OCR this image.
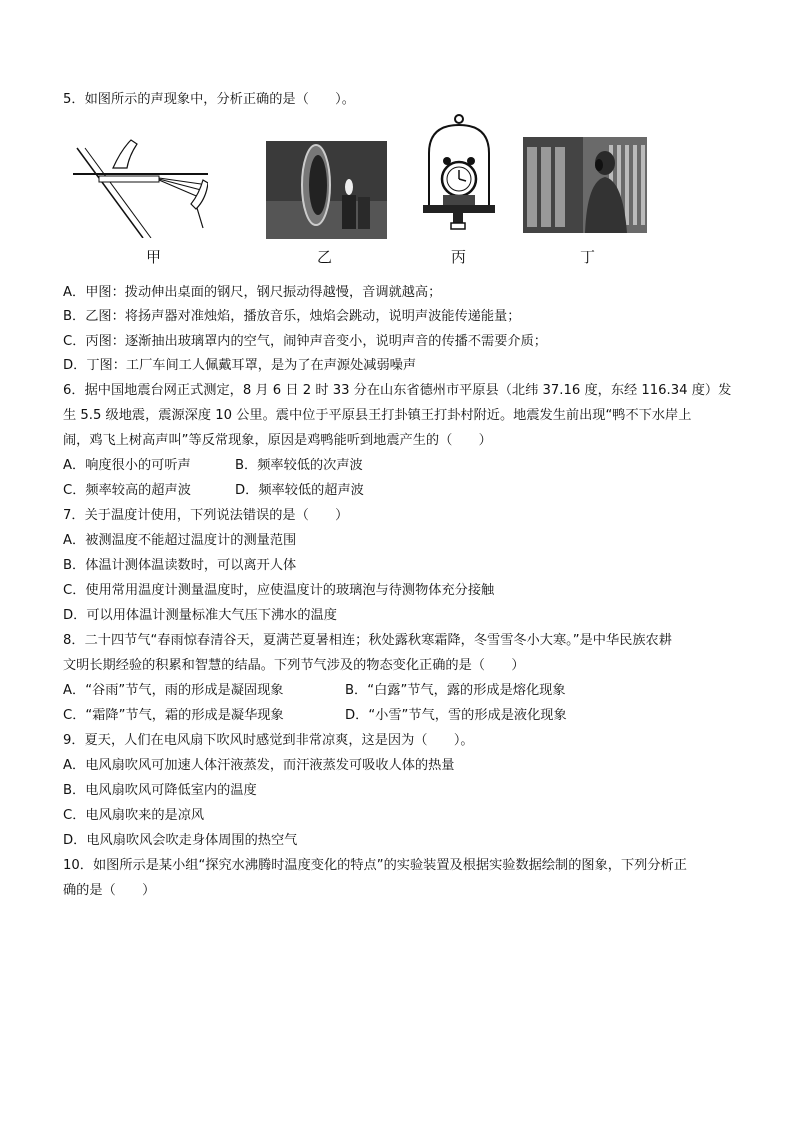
5．如图所示的声现象中，分析正确的是（　　）。
甲	乙	丙	丁
A．甲图：拨动伸出桌面的钢尺，钢尺振动得越慢，音调就越高；
B．乙图：将扬声器对准烛焰，播放音乐，烛焰会跳动，说明声波能传递能量；
C．丙图：逐渐抽出玻璃罩内的空气，闹钟声音变小，说明声音的传播不需要介质；
D．丁图：工厂车间工人佩戴耳罩，是为了在声源处减弱噪声
6．据中国地震台网正式测定，8 月 6 日 2 时 33 分在山东省德州市平原县（北纬 37.16 度，东经 116.34 度）发
生 5.5 级地震，震源深度 10 公里。震中位于平原县王打卦镇王打卦村附近。地震发生前出现“鸭不下水岸上
闹，鸡飞上树高声叫”等反常现象，原因是鸡鸭能听到地震产生的（　　）
A．响度很小的可听声	B．频率较低的次声波
C．频率较高的超声波	D．频率较低的超声波
7．关于温度计使用，下列说法错误的是（　　）
A．被测温度不能超过温度计的测量范围
B．体温计测体温读数时，可以离开人体
C．使用常用温度计测量温度时，应使温度计的玻璃泡与待测物体充分接触
D．可以用体温计测量标准大气压下沸水的温度
8．二十四节气“春雨惊春清谷天，夏满芒夏暑相连；秋处露秋寒霜降，冬雪雪冬小大寒。”是中华民族农耕
文明长期经验的积累和智慧的结晶。下列节气涉及的物态变化正确的是（　　）
A．“谷雨”节气，雨的形成是凝固现象	B．“白露”节气，露的形成是熔化现象
C．“霜降”节气，霜的形成是凝华现象	D．“小雪”节气，雪的形成是液化现象
9．夏天，人们在电风扇下吹风时感觉到非常凉爽，这是因为（　　）。
A．电风扇吹风可加速人体汗液蒸发，而汗液蒸发可吸收人体的热量
B．电风扇吹风可降低室内的温度
C．电风扇吹来的是凉风
D．电风扇吹风会吹走身体周围的热空气
10．如图所示是某小组“探究水沸腾时温度变化的特点”的实验装置及根据实验数据绘制的图象，下列分析正
确的是（　　）
